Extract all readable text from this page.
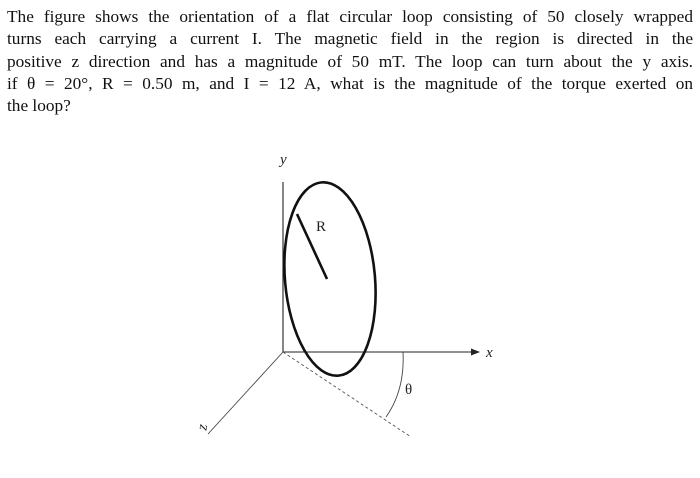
The figure shows the orientation of a flat circular loop consisting of 50 closely wrapped
turns each carrying a current I. The magnetic field in the region is directed in the
positive z direction and has a magnitude of 50 mT. The loop can turn about the y axis.
if θ = 20°, R = 0.50 m, and I = 12 A, what is the magnitude of the torque exerted on
the loop?
y
x
z
R
θ
